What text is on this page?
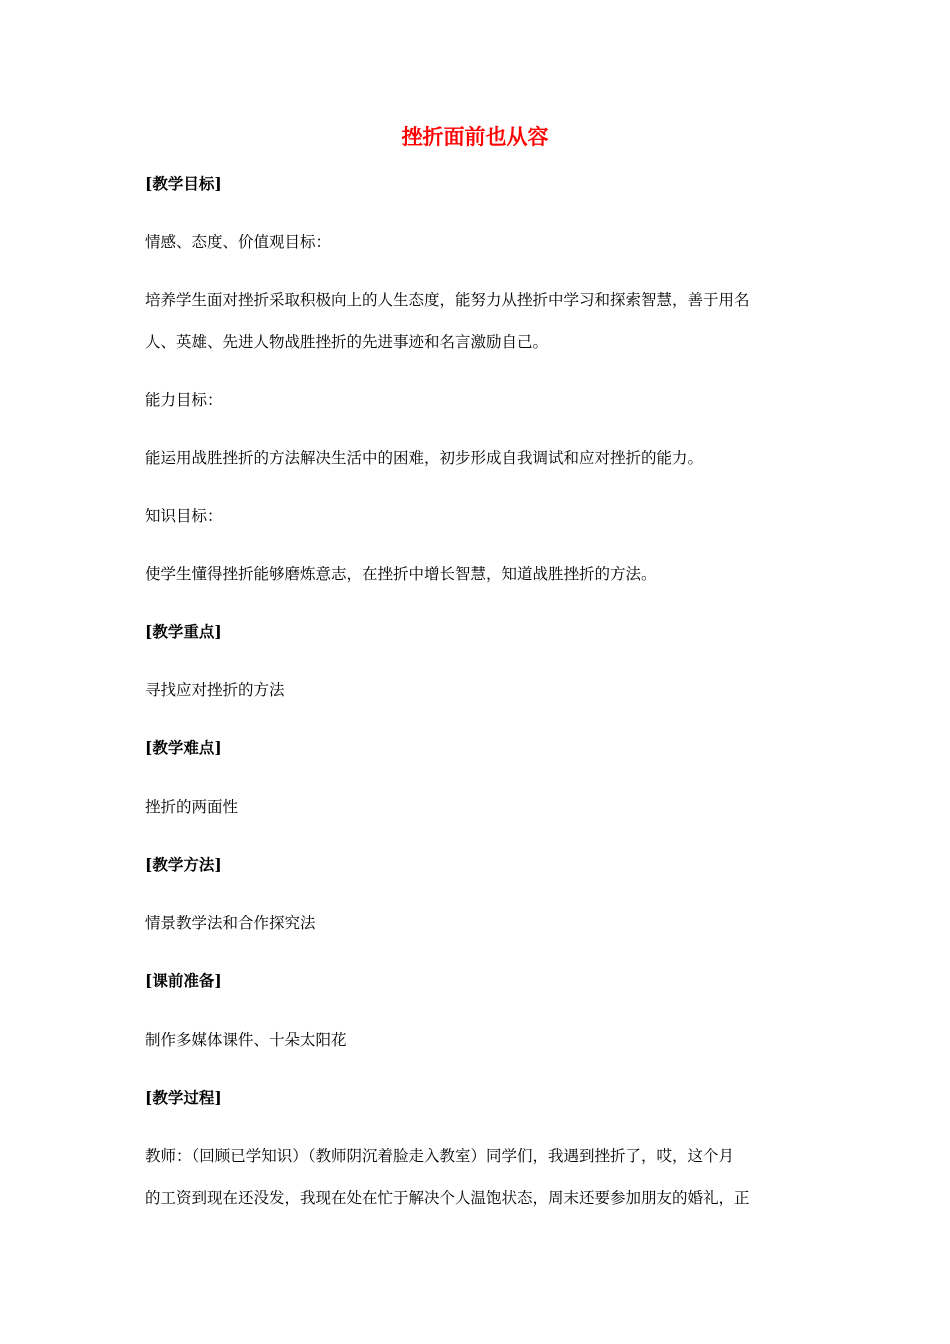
挫折面前也从容
[教学目标]
情感、态度、价值观目标：
培养学生面对挫折采取积极向上的人生态度，能努力从挫折中学习和探索智慧，善于用名
人、英雄、先进人物战胜挫折的先进事迹和名言激励自己。
能力目标：
能运用战胜挫折的方法解决生活中的困难，初步形成自我调试和应对挫折的能力。
知识目标：
使学生懂得挫折能够磨炼意志，在挫折中增长智慧，知道战胜挫折的方法。
[教学重点]
寻找应对挫折的方法
[教学难点]
挫折的两面性
[教学方法]
情景教学法和合作探究法
[课前准备]
制作多媒体课件、十朵太阳花
[教学过程]
教师：（回顾已学知识）（教师阴沉着脸走入教室）同学们，我遇到挫折了，哎，这个月
的工资到现在还没发，我现在处在忙于解决个人温饱状态，周末还要参加朋友的婚礼，正
